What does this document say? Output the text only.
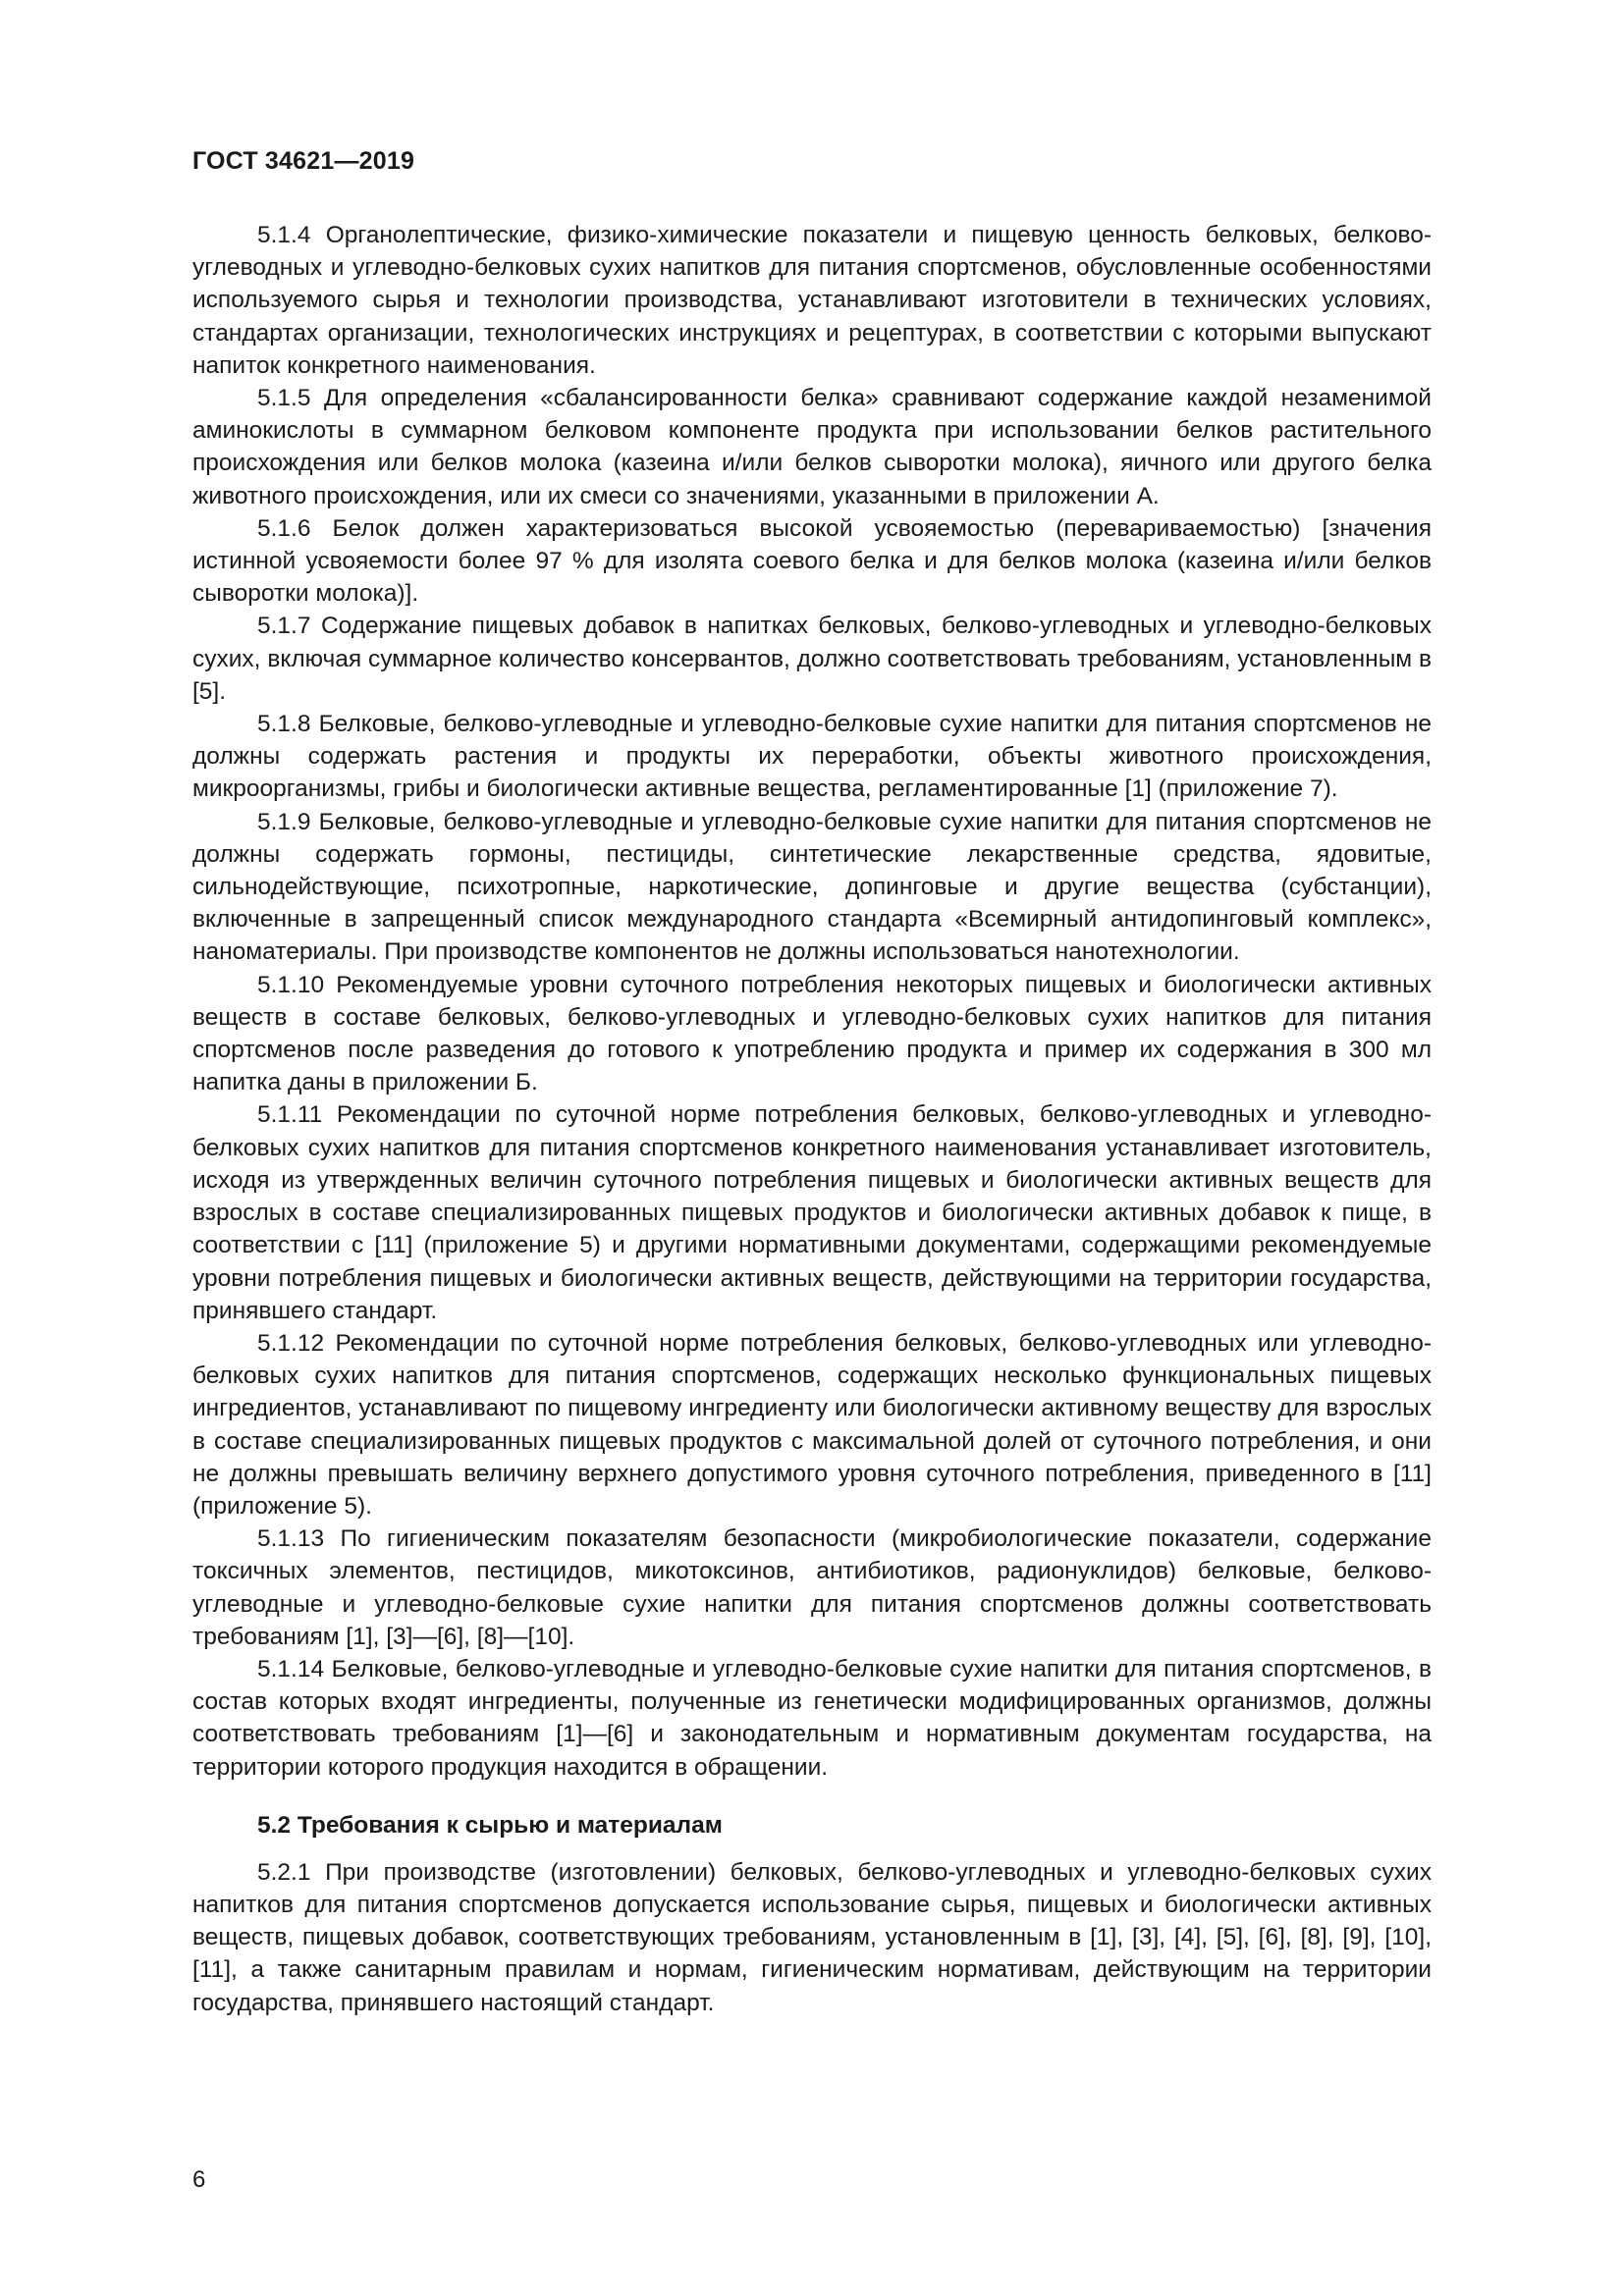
ГОСТ 34621—2019

5.1.4 Органолептические, физико-химические показатели и пищевую ценность белковых, белково-углеводных и углеводно-белковых сухих напитков для питания спортсменов, обусловленные особенностями используемого сырья и технологии производства, устанавливают изготовители в технических условиях, стандартах организации, технологических инструкциях и рецептурах, в соответствии с которыми выпускают напиток конкретного наименования.

5.1.5 Для определения «сбалансированности белка» сравнивают содержание каждой незаменимой аминокислоты в суммарном белковом компоненте продукта при использовании белков растительного происхождения или белков молока (казеина и/или белков сыворотки молока), яичного или другого белка животного происхождения, или их смеси со значениями, указанными в приложении А.

5.1.6 Белок должен характеризоваться высокой усвояемостью (перевариваемостью) [значения истинной усвояемости более 97 % для изолята соевого белка и для белков молока (казеина и/или белков сыворотки молока)].

5.1.7 Содержание пищевых добавок в напитках белковых, белково-углеводных и углеводно-белковых сухих, включая суммарное количество консервантов, должно соответствовать требованиям, установленным в [5].

5.1.8 Белковые, белково-углеводные и углеводно-белковые сухие напитки для питания спортсменов не должны содержать растения и продукты их переработки, объекты животного происхождения, микроорганизмы, грибы и биологически активные вещества, регламентированные [1] (приложение 7).

5.1.9 Белковые, белково-углеводные и углеводно-белковые сухие напитки для питания спортсменов не должны содержать гормоны, пестициды, синтетические лекарственные средства, ядовитые, сильнодействующие, психотропные, наркотические, допинговые и другие вещества (субстанции), включенные в запрещенный список международного стандарта «Всемирный антидопинговый комплекс», наноматериалы. При производстве компонентов не должны использоваться нанотехнологии.

5.1.10 Рекомендуемые уровни суточного потребления некоторых пищевых и биологически активных веществ в составе белковых, белково-углеводных и углеводно-белковых сухих напитков для питания спортсменов после разведения до готового к употреблению продукта и пример их содержания в 300 мл напитка даны в приложении Б.

5.1.11 Рекомендации по суточной норме потребления белковых, белково-углеводных и углеводно-белковых сухих напитков для питания спортсменов конкретного наименования устанавливает изготовитель, исходя из утвержденных величин суточного потребления пищевых и биологически активных веществ для взрослых в составе специализированных пищевых продуктов и биологически активных добавок к пище, в соответствии с [11] (приложение 5) и другими нормативными документами, содержащими рекомендуемые уровни потребления пищевых и биологически активных веществ, действующими на территории государства, принявшего стандарт.

5.1.12 Рекомендации по суточной норме потребления белковых, белково-углеводных или углеводно-белковых сухих напитков для питания спортсменов, содержащих несколько функциональных пищевых ингредиентов, устанавливают по пищевому ингредиенту или биологически активному веществу для взрослых в составе специализированных пищевых продуктов с максимальной долей от суточного потребления, и они не должны превышать величину верхнего допустимого уровня суточного потребления, приведенного в [11] (приложение 5).

5.1.13 По гигиеническим показателям безопасности (микробиологические показатели, содержание токсичных элементов, пестицидов, микотоксинов, антибиотиков, радионуклидов) белковые, белково-углеводные и углеводно-белковые сухие напитки для питания спортсменов должны соответствовать требованиям [1], [3]—[6], [8]—[10].

5.1.14 Белковые, белково-углеводные и углеводно-белковые сухие напитки для питания спортсменов, в состав которых входят ингредиенты, полученные из генетически модифицированных организмов, должны соответствовать требованиям [1]—[6] и законодательным и нормативным документам государства, на территории которого продукция находится в обращении.

5.2 Требования к сырью и материалам

5.2.1 При производстве (изготовлении) белковых, белково-углеводных и углеводно-белковых сухих напитков для питания спортсменов допускается использование сырья, пищевых и биологически активных веществ, пищевых добавок, соответствующих требованиям, установленным в [1], [3], [4], [5], [6], [8], [9], [10], [11], а также санитарным правилам и нормам, гигиеническим нормативам, действующим на территории государства, принявшего настоящий стандарт.

6
